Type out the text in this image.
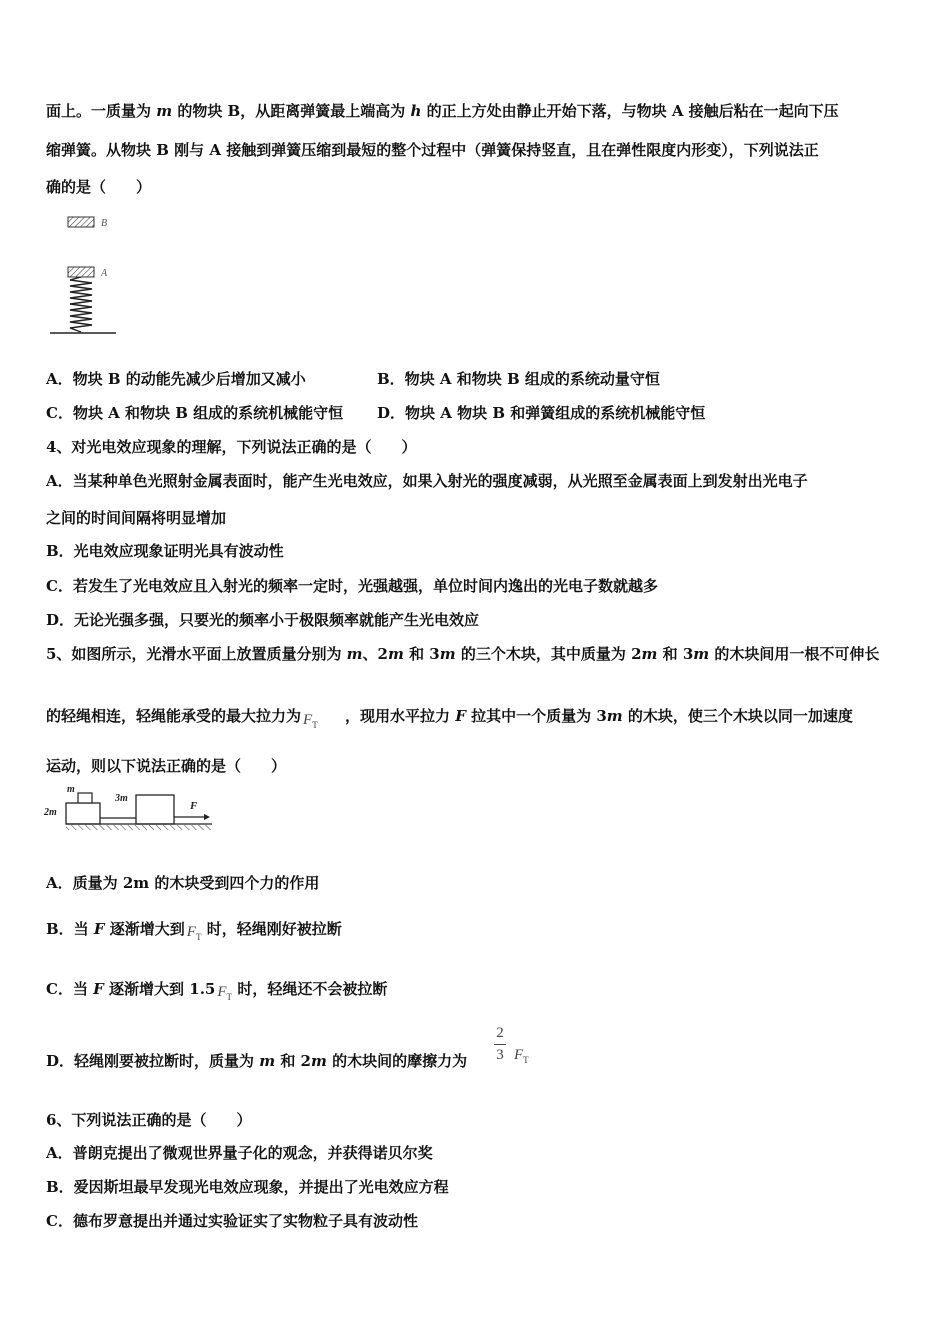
面上。一质量为 m 的物块 B，从距离弹簧最上端高为 h 的正上方处由静止开始下落，与物块 A 接触后粘在一起向下压
缩弹簧。从物块 B 刚与 A 接触到弹簧压缩到最短的整个过程中（弹簧保持竖直，且在弹性限度内形变），下列说法正
确的是（　　）
B
A
A．物块 B 的动能先减少后增加又减小	B．物块 A 和物块 B 组成的系统动量守恒
C．物块 A 和物块 B 组成的系统机械能守恒 D．物块 A 物块 B 和弹簧组成的系统机械能守恒
4、对光电效应现象的理解，下列说法正确的是（　　）
A．当某种单色光照射金属表面时，能产生光电效应，如果入射光的强度减弱，从光照至金属表面上到发射出光电子
之间的时间间隔将明显增加
B．光电效应现象证明光具有波动性
C．若发生了光电效应且入射光的频率一定时，光强越强，单位时间内逸出的光电子数就越多
D．无论光强多强，只要光的频率小于极限频率就能产生光电效应
5、如图所示，光滑水平面上放置质量分别为 m、2m 和 3m 的三个木块，其中质量为 2m 和 3m 的木块间用一根不可伸长
的轻绳相连，轻绳能承受的最大拉力为 $F_T$ ，现用水平拉力 F 拉其中一个质量为 3m 的木块，使三个木块以同一加速度
运动，则以下说法正确的是（　　）
m
2m
3m
F
A．质量为 2m 的木块受到四个力的作用
B．当 F 逐渐增大到 $F_T$ 时，轻绳刚好被拉断
C．当 F 逐渐增大到 1.5 $F_T$ 时，轻绳还不会被拉断
D．轻绳刚要被拉断时，质量为 m 和 2m 的木块间的摩擦力为
2
3 $F_T$
6、下列说法正确的是（　　）
A．普朗克提出了微观世界量子化的观念，并获得诺贝尔奖
B．爱因斯坦最早发现光电效应现象，并提出了光电效应方程
C．德布罗意提出并通过实验证实了实物粒子具有波动性
